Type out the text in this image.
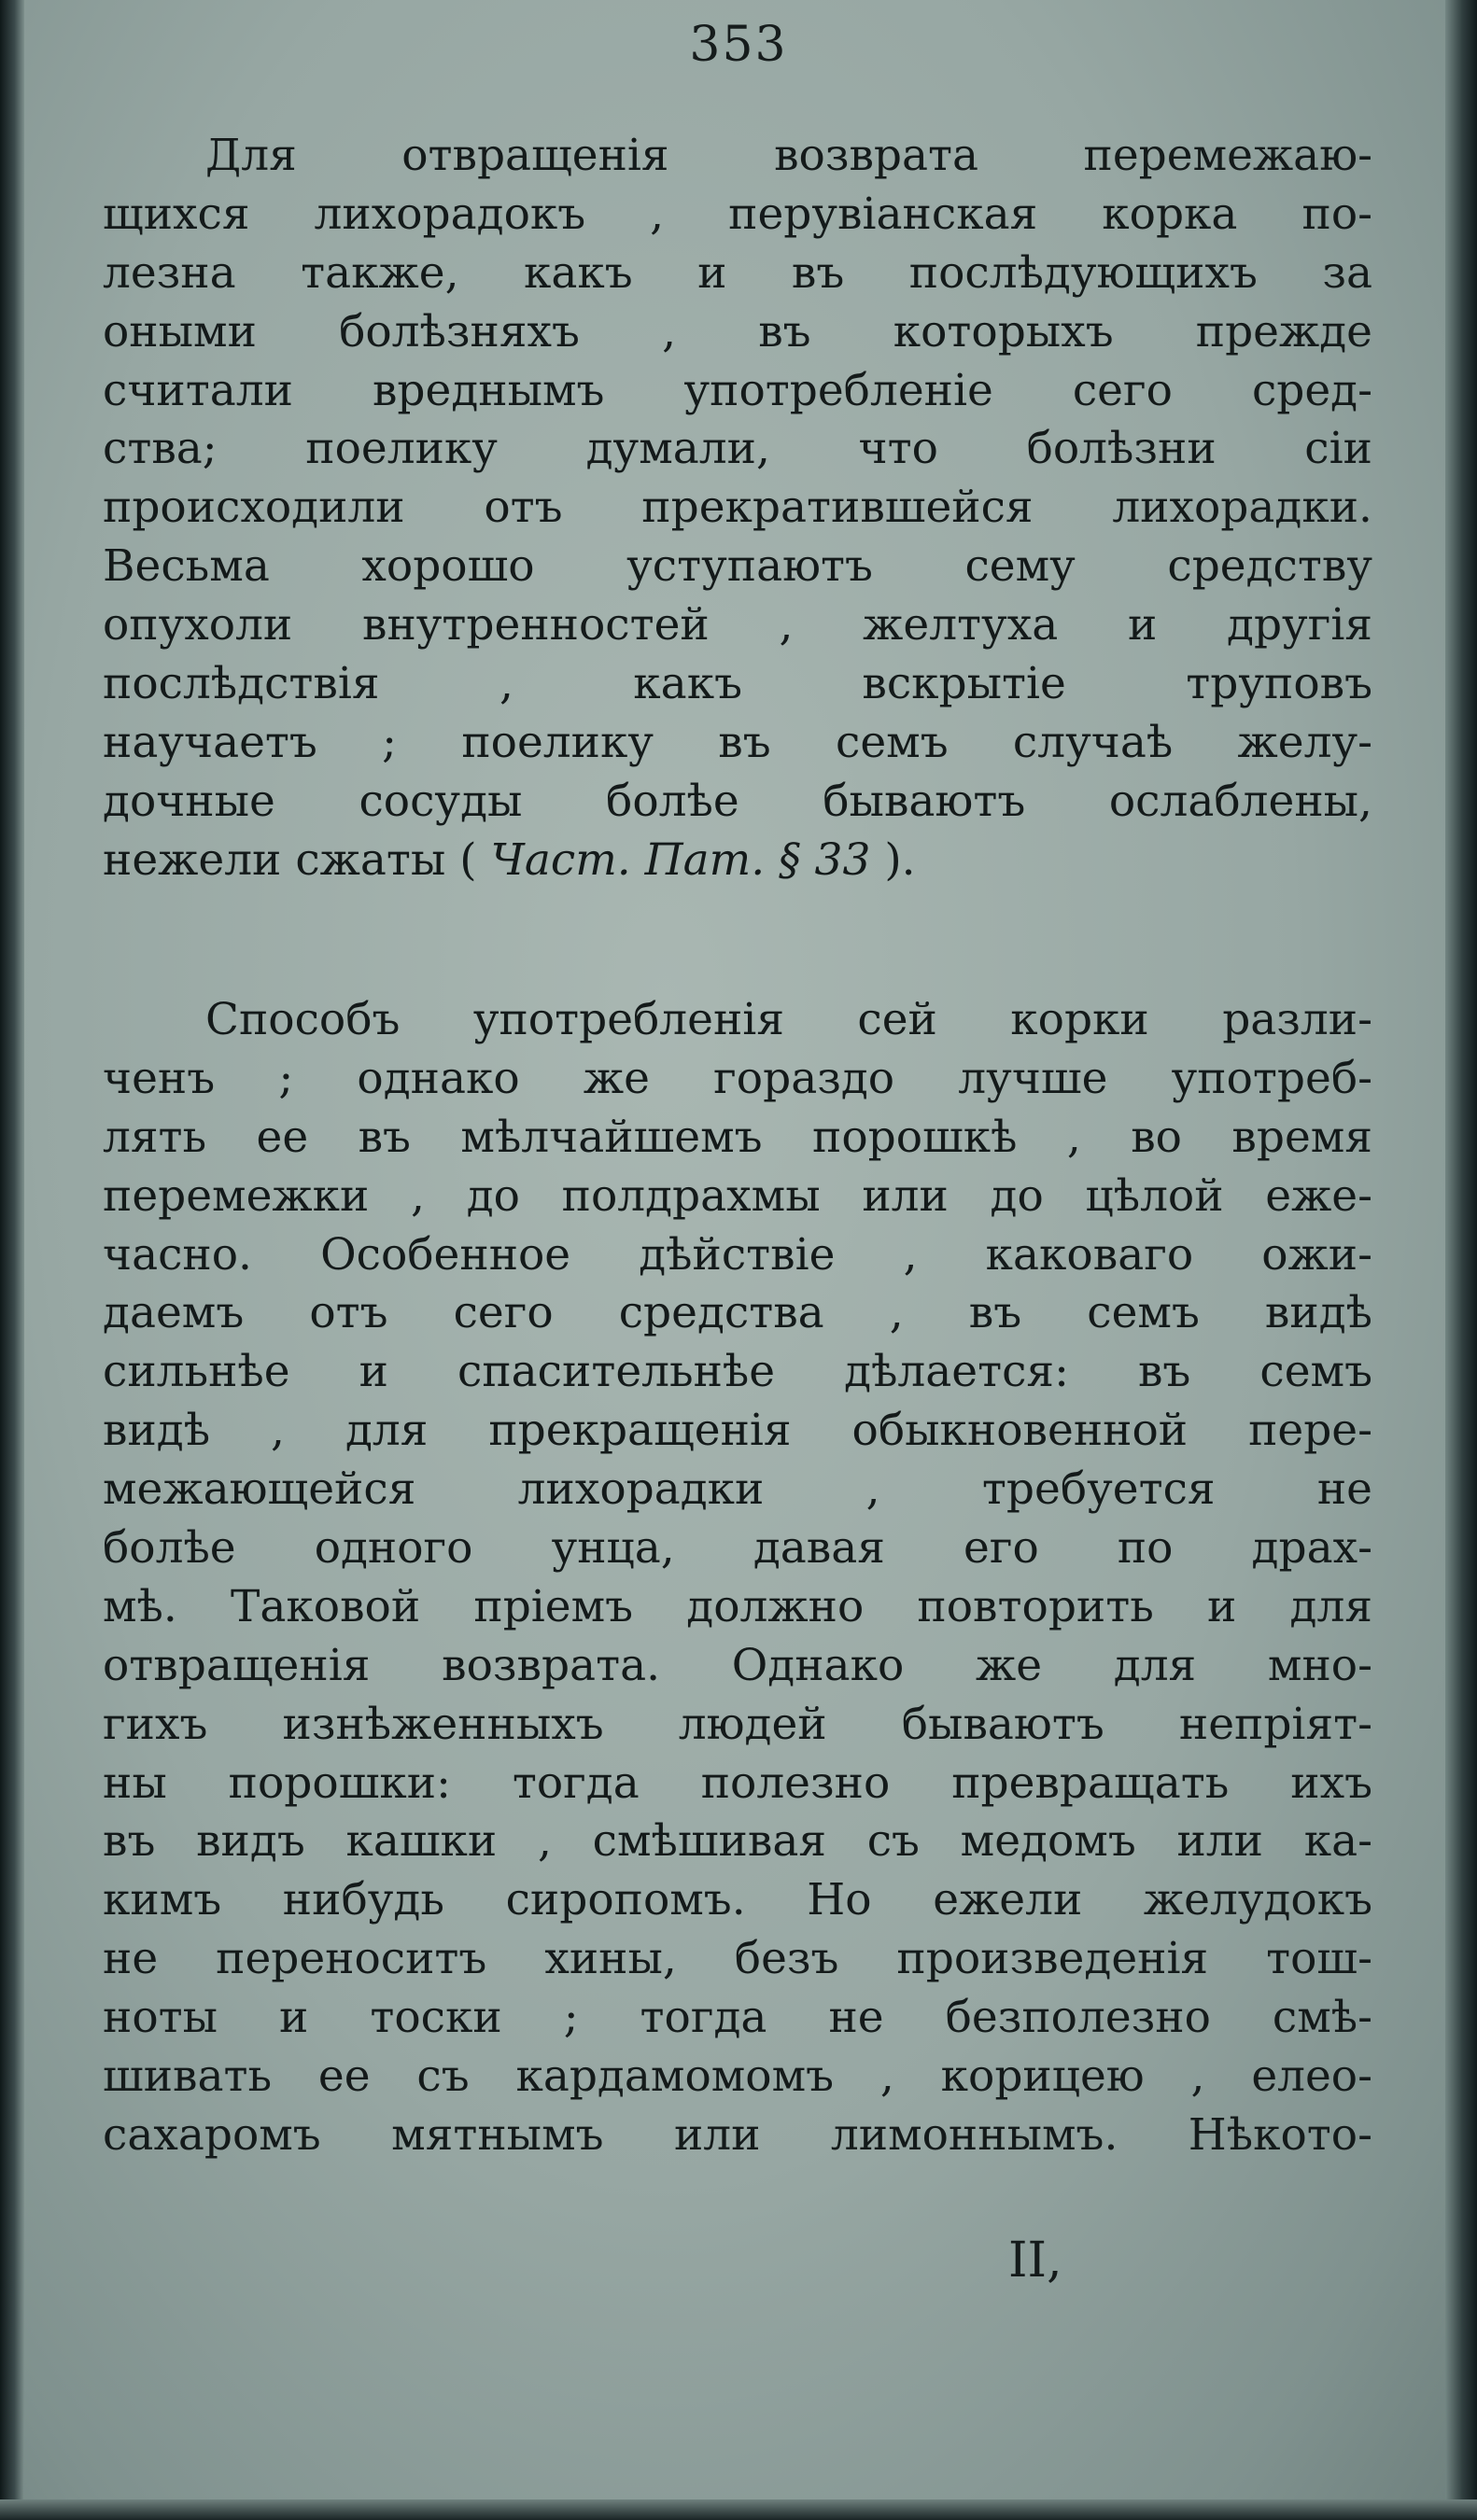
353
Для отвращенія возврата перемежаю-
щихся лихорадокъ , перувіанская корка по-
лезна также, какъ и въ послѣдующихъ за
оными болѣзняхъ , въ которыхъ прежде
считали вреднымъ употребленіе сего сред-
ства; поелику думали, что болѣзни сіи
происходили отъ прекратившейся лихорадки.
Весьма хорошо уступаютъ сему средству
опухоли внутренностей , желтуха и другія
послѣдствія , какъ вскрытіе труповъ
научаетъ ; поелику въ семъ случаѣ желу-
дочные сосуды болѣе бываютъ ослаблены,
нежели сжаты ( Част. Пат. § 33 ).
Способъ употребленія сей корки разли-
ченъ ; однако же гораздо лучше употреб-
лять ее въ мѣлчайшемъ порошкѣ , во время
перемежки , до полдрахмы или до цѣлой еже-
часно. Особенное дѣйствіе , каковаго ожи-
даемъ отъ сего средства , въ семъ видѣ
сильнѣе и спасительнѣе дѣлается: въ семъ
видѣ , для прекращенія обыкновенной пере-
межающейся лихорадки , требуется не
болѣе одного унца, давая его по драх-
мѣ. Таковой пріемъ должно повторить и для
отвращенія возврата. Однако же для мно-
гихъ изнѣженныхъ людей бываютъ непріят-
ны порошки: тогда полезно превращать ихъ
въ видъ кашки , смѣшивая съ медомъ или ка-
кимъ нибудь сиропомъ. Но ежели желудокъ
не переноситъ хины, безъ произведенія тош-
ноты и тоски ; тогда не безполезно смѣ-
шивать ее съ кардамомомъ , корицею , елео-
сахаромъ мятнымъ или лимоннымъ. Нѣкото-
II,
